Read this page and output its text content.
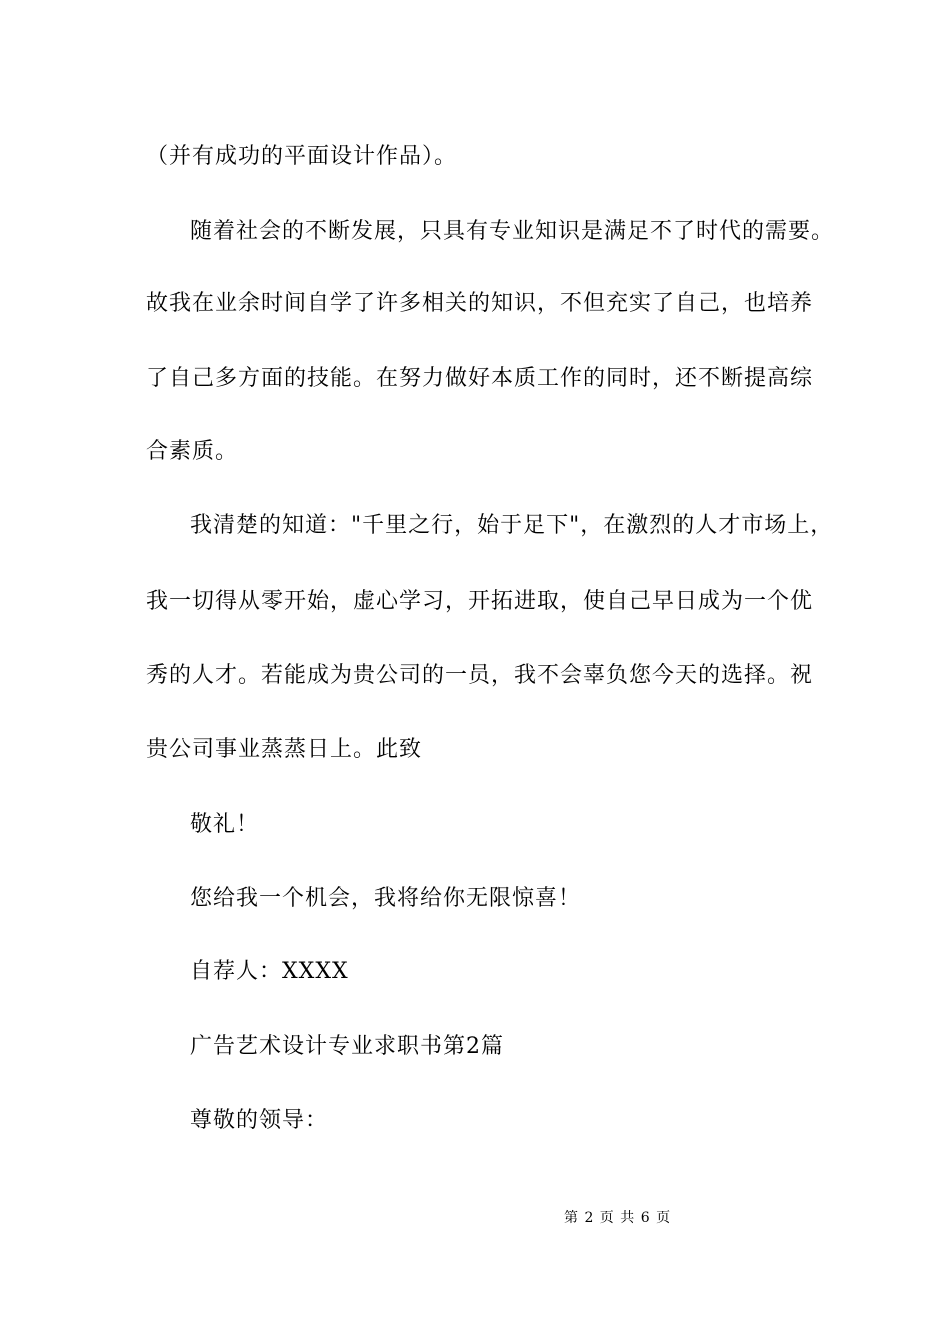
（并有成功的平面设计作品）。
随着社会的不断发展，只具有专业知识是满足不了时代的需要。
故我在业余时间自学了许多相关的知识，不但充实了自己，也培养
了自己多方面的技能。在努力做好本质工作的同时，还不断提高综
合素质。
我清楚的知道："千里之行，始于足下"，在激烈的人才市场上，
我一切得从零开始，虚心学习，开拓进取，使自己早日成为一个优
秀的人才。若能成为贵公司的一员，我不会辜负您今天的选择。祝
贵公司事业蒸蒸日上。此致
敬礼！
您给我一个机会，我将给你无限惊喜！
自荐人：XXXX
广告艺术设计专业求职书第2篇
尊敬的领导：
第 2 页 共 6 页
